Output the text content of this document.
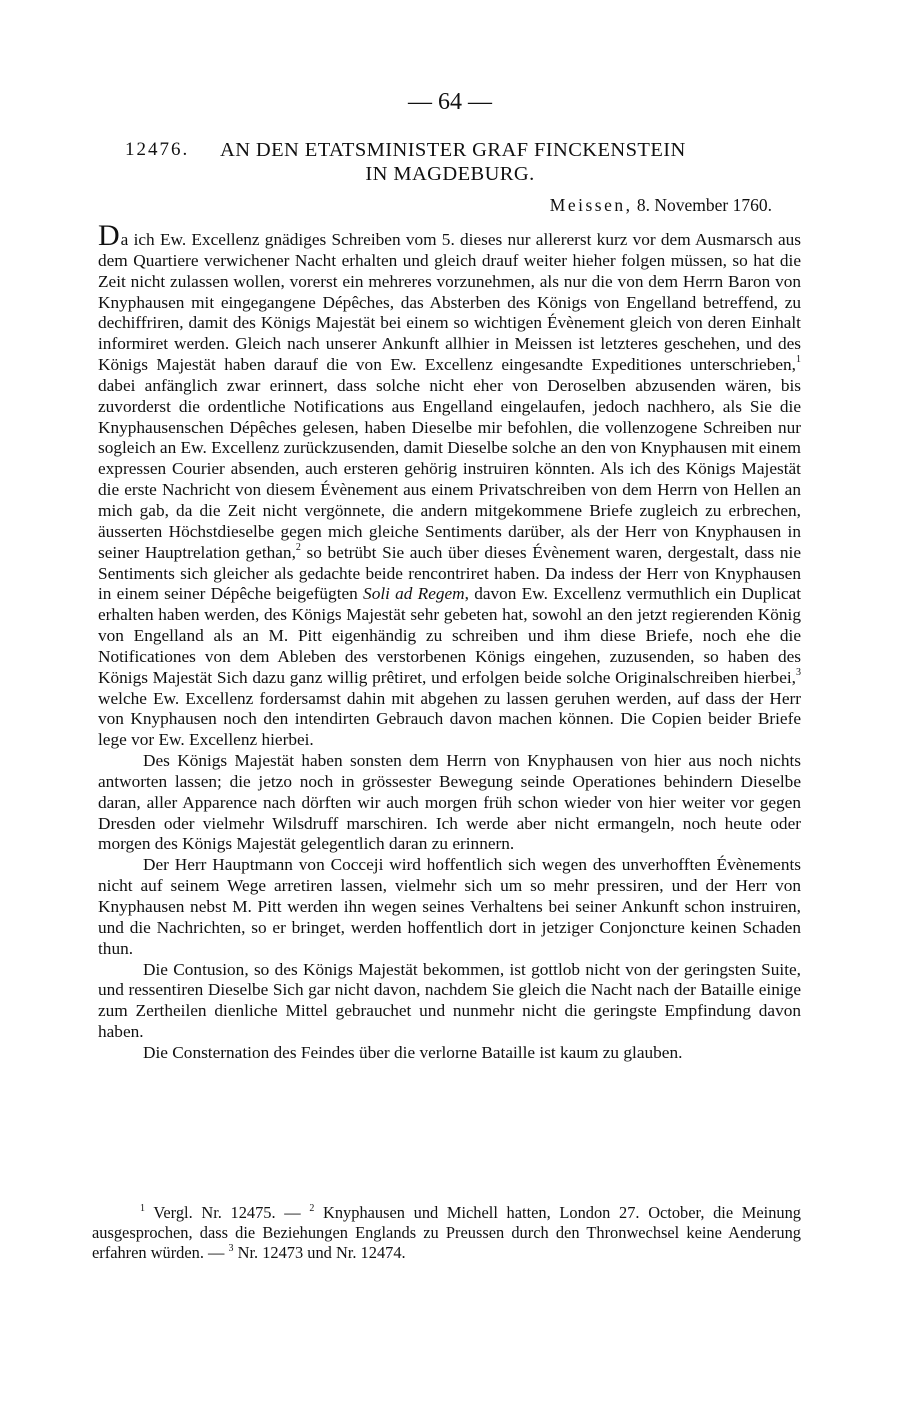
— 64 —
12476. AN DEN ETATSMINISTER GRAF FINCKENSTEIN
IN MAGDEBURG.
Meissen, 8. November 1760.

Da ich Ew. Excellenz gnädiges Schreiben vom 5. dieses nur allererst kurz vor dem Ausmarsch aus dem Quartiere verwichener Nacht erhalten und gleich drauf weiter hieher folgen müssen, so hat die Zeit nicht zulassen wollen, vorerst ein mehreres vorzunehmen, als nur die von dem Herrn Baron von Knyphausen mit eingegangene Dépêches, das Absterben des Königs von Engelland betreffend, zu dechiffriren, damit des Königs Majestät bei einem so wichtigen Évènement gleich von deren Einhalt informiret werden. Gleich nach unserer Ankunft allhier in Meissen ist letzteres geschehen, und des Königs Majestät haben darauf die von Ew. Excellenz eingesandte Expeditiones unterschrieben,$^1$ dabei anfänglich zwar erinnert, dass solche nicht eher von Deroselben abzusenden wären, bis zuvorderst die ordentliche Notifications aus Engelland eingelaufen, jedoch nachhero, als Sie die Knyphausenschen Dépêches gelesen, haben Dieselbe mir befohlen, die vollenzogene Schreiben nur sogleich an Ew. Excellenz zurückzusenden, damit Dieselbe solche an den von Knyphausen mit einem expressen Courier absenden, auch ersteren gehörig instruiren könnten. Als ich des Königs Majestät die erste Nachricht von diesem Évènement aus einem Privatschreiben von dem Herrn von Hellen an mich gab, da die Zeit nicht vergönnete, die andern mitgekommene Briefe zugleich zu erbrechen, äusserten Höchstdieselbe gegen mich gleiche Sentiments darüber, als der Herr von Knyphausen in seiner Hauptrelation gethan,$^2$ so betrübt Sie auch über dieses Évènement waren, dergestalt, dass nie Sentiments sich gleicher als gedachte beide rencontriret haben. Da indess der Herr von Knyphausen in einem seiner Dépêche beigefügten Soli ad Regem, davon Ew. Excellenz vermuthlich ein Duplicat erhalten haben werden, des Königs Majestät sehr gebeten hat, sowohl an den jetzt regierenden König von Engelland als an M. Pitt eigenhändig zu schreiben und ihm diese Briefe, noch ehe die Notificationes von dem Ableben des verstorbenen Königs eingehen, zuzusenden, so haben des Königs Majestät Sich dazu ganz willig prêtiret, und erfolgen beide solche Originalschreiben hierbei,$^3$ welche Ew. Excellenz fordersamst dahin mit abgehen zu lassen geruhen werden, auf dass der Herr von Knyphausen noch den intendirten Gebrauch davon machen können. Die Copien beider Briefe lege vor Ew. Excellenz hierbei.

Des Königs Majestät haben sonsten dem Herrn von Knyphausen von hier aus noch nichts antworten lassen; die jetzo noch in grössester Bewegung seinde Operationes behindern Dieselbe daran, aller Apparence nach dörften wir auch morgen früh schon wieder von hier weiter vor gegen Dresden oder vielmehr Wilsdruff marschiren. Ich werde aber nicht ermangeln, noch heute oder morgen des Königs Majestät gelegentlich daran zu erinnern.

Der Herr Hauptmann von Cocceji wird hoffentlich sich wegen des unverhofften Évènements nicht auf seinem Wege arretiren lassen, vielmehr sich um so mehr pressiren, und der Herr von Knyphausen nebst M. Pitt werden ihn wegen seines Verhaltens bei seiner Ankunft schon instruiren, und die Nachrichten, so er bringet, werden hoffentlich dort in jetziger Conjoncture keinen Schaden thun.

Die Contusion, so des Königs Majestät bekommen, ist gottlob nicht von der geringsten Suite, und ressentiren Dieselbe Sich gar nicht davon, nachdem Sie gleich die Nacht nach der Bataille einige zum Zertheilen dienliche Mittel gebrauchet und nunmehr nicht die geringste Empfindung davon haben.

Die Consternation des Feindes über die verlorne Bataille ist kaum zu glauben.

$^1$ Vergl. Nr. 12475. — $^2$ Knyphausen und Michell hatten, London 27. October, die Meinung ausgesprochen, dass die Beziehungen Englands zu Preussen durch den Thronwechsel keine Aenderung erfahren würden. — $^3$ Nr. 12473 und Nr. 12474.
